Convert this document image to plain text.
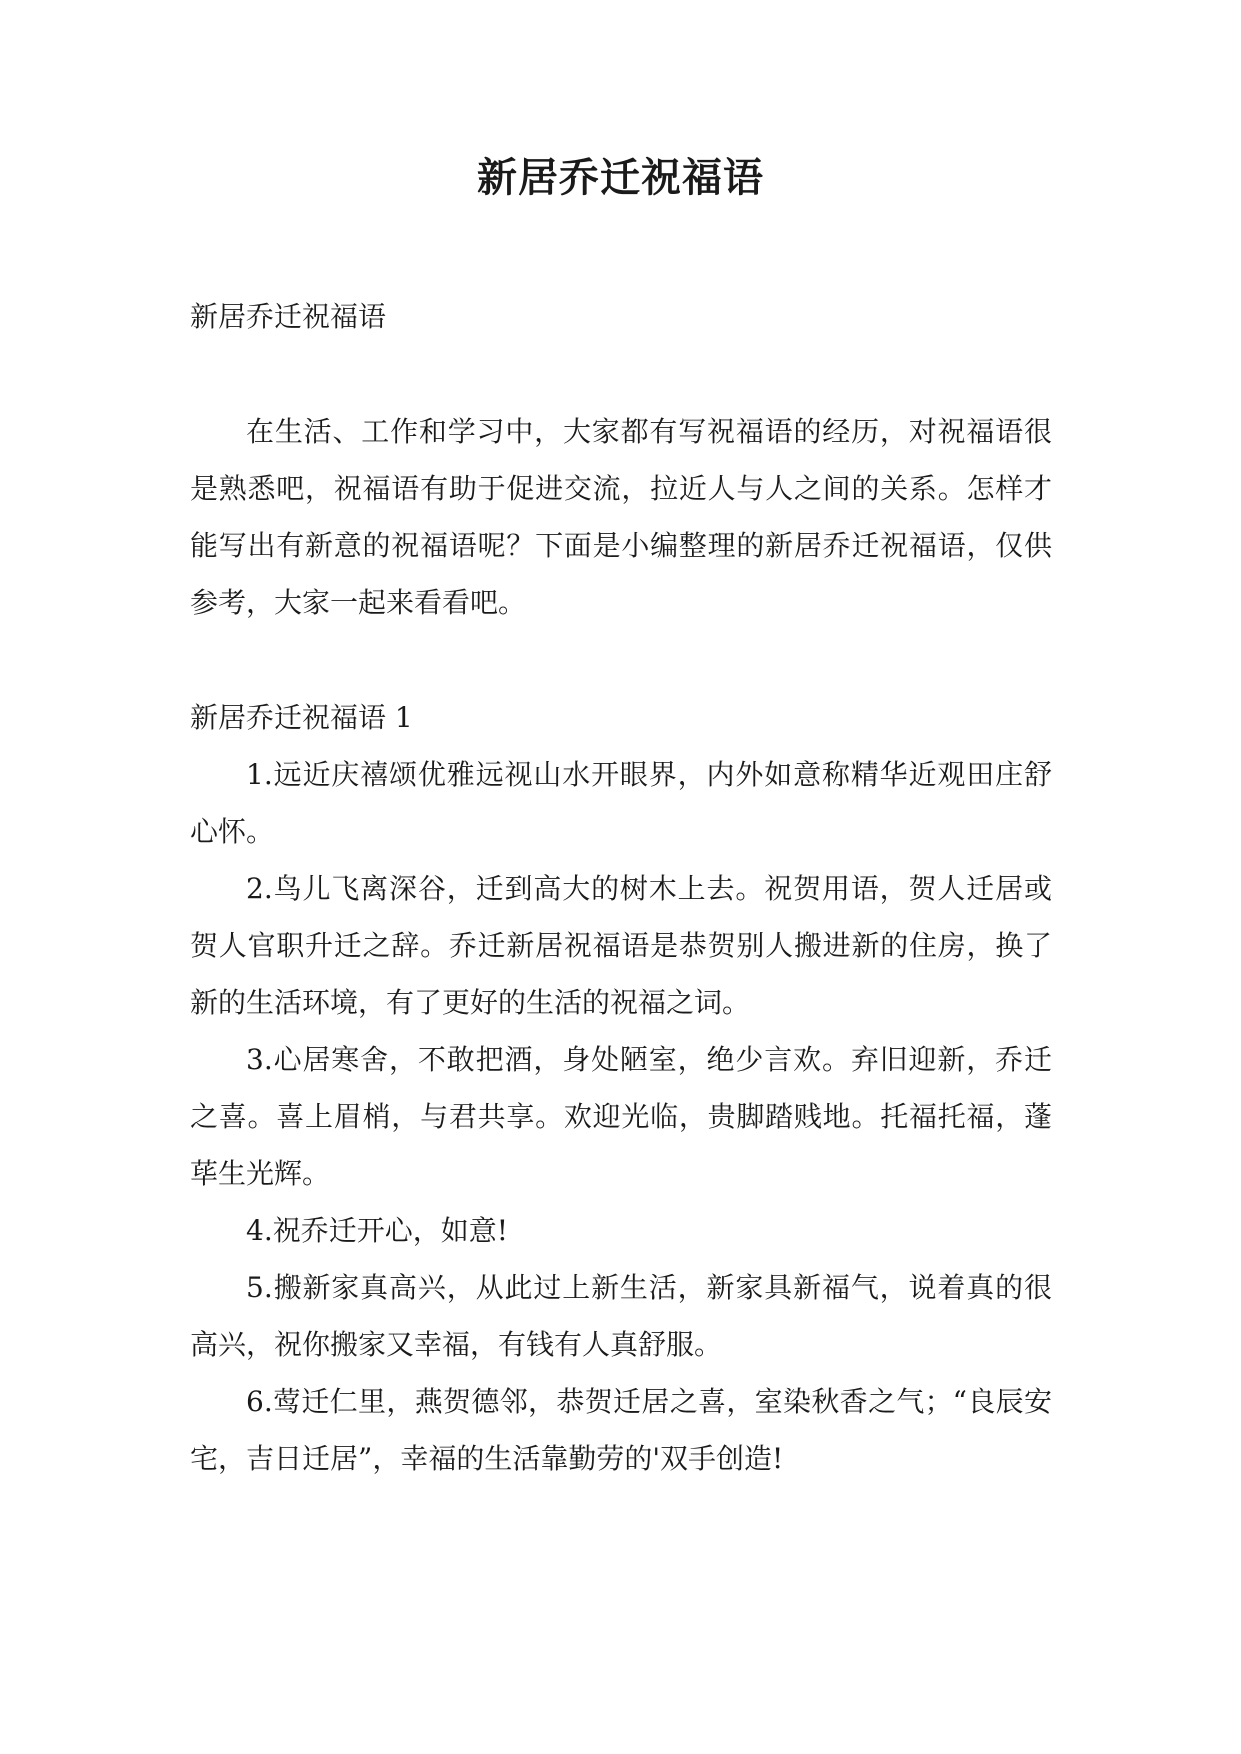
新居乔迁祝福语

新居乔迁祝福语

在生活、工作和学习中，大家都有写祝福语的经历，对祝福语很是熟悉吧，祝福语有助于促进交流，拉近人与人之间的关系。怎样才能写出有新意的祝福语呢？下面是小编整理的新居乔迁祝福语，仅供参考，大家一起来看看吧。

新居乔迁祝福语 1

1.远近庆禧颂优雅远视山水开眼界，内外如意称精华近观田庄舒心怀。

2.鸟儿飞离深谷，迁到高大的树木上去。祝贺用语，贺人迁居或贺人官职升迁之辞。乔迁新居祝福语是恭贺别人搬进新的住房，换了新的生活环境，有了更好的生活的祝福之词。

3.心居寒舍，不敢把酒，身处陋室，绝少言欢。弃旧迎新，乔迁之喜。喜上眉梢，与君共享。欢迎光临，贵脚踏贱地。托福托福，蓬荜生光辉。

4.祝乔迁开心，如意!

5.搬新家真高兴，从此过上新生活，新家具新福气，说着真的很高兴，祝你搬家又幸福，有钱有人真舒服。

6.莺迁仁里，燕贺德邻，恭贺迁居之喜，室染秋香之气；“良辰安宅，吉日迁居”，幸福的生活靠勤劳的'双手创造!
